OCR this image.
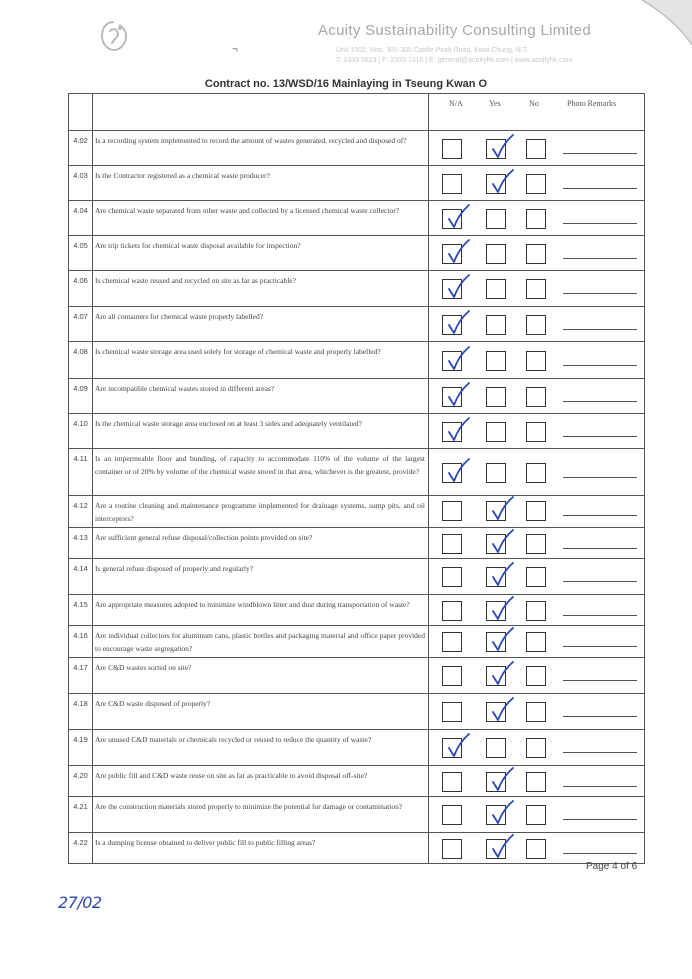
Acuity Sustainability Consulting Limited
Unit 1502, Nos. 301-305 Castle Peak Road, Kwai Chung, N.T.
T: 2333 6823 | F: 2333 1316 | E: general@acuityhk.com | www.acuityhk.com
¬
Contract no. 13/WSD/16 Mainlaying in Tseung Kwan O

		N/A Yes No Photo Remarks

4.02	Is a recording system implemented to record the amount of wastes generated, recycled and disposed of?	

4.03	Is the Contractor registered as a chemical waste producer?	

4.04	Are chemical waste separated from other waste and collected by a licensed chemical waste collector?	

4.05	Are trip tickets for chemical waste disposal available for inspection?	

4.06	Is chemical waste reused and recycled on site as far as practicable?	

4.07	Are all containers for chemical waste properly labelled?	

4.08	Is chemical waste storage area used solely for storage of chemical waste and properly labelled?	

4.09	Are incompatible chemical wastes stored in different areas?	

4.10	Is the chemical waste storage area enclosed on at least 3 sides and adequately ventilated?	

4.11	Is an impermeable floor and bunding, of capacity to accommodate 110% of the volume of the largest container or of 20% by volume of the chemical waste stored in that area, whichever is the greatest, provide?	

4.12	Are a routine cleaning and maintenance programme implemented for drainage systems, sump pits, and oil interceptors?	

4.13	Are sufficient general refuse disposal/collection points provided on site?	

4.14	Is general refuse disposed of properly and regularly?	

4.15	Are appropriate measures adopted to minimize windblown litter and dust during transportation of waste?	

4.16	Are individual collectors for aluminum cans, plastic bottles and packaging material and office paper provided to encourage waste segregation?	

4.17	Are C&D wastes sorted on site?	

4.18	Are C&D waste disposed of properly?	

4.19	Are unused C&D materials or chemicals recycled or reused to reduce the quantity of waste?	

4.20	Are public fill and C&D waste reuse on site as far as practicable to avoid disposal off-site?	

4.21	Are the construction materials stored properly to minimize the potential for damage or contamination?	

4.22	Is a dumping license obtained to deliver public fill to public filling areas?	
Page 4 of 6
27/02
